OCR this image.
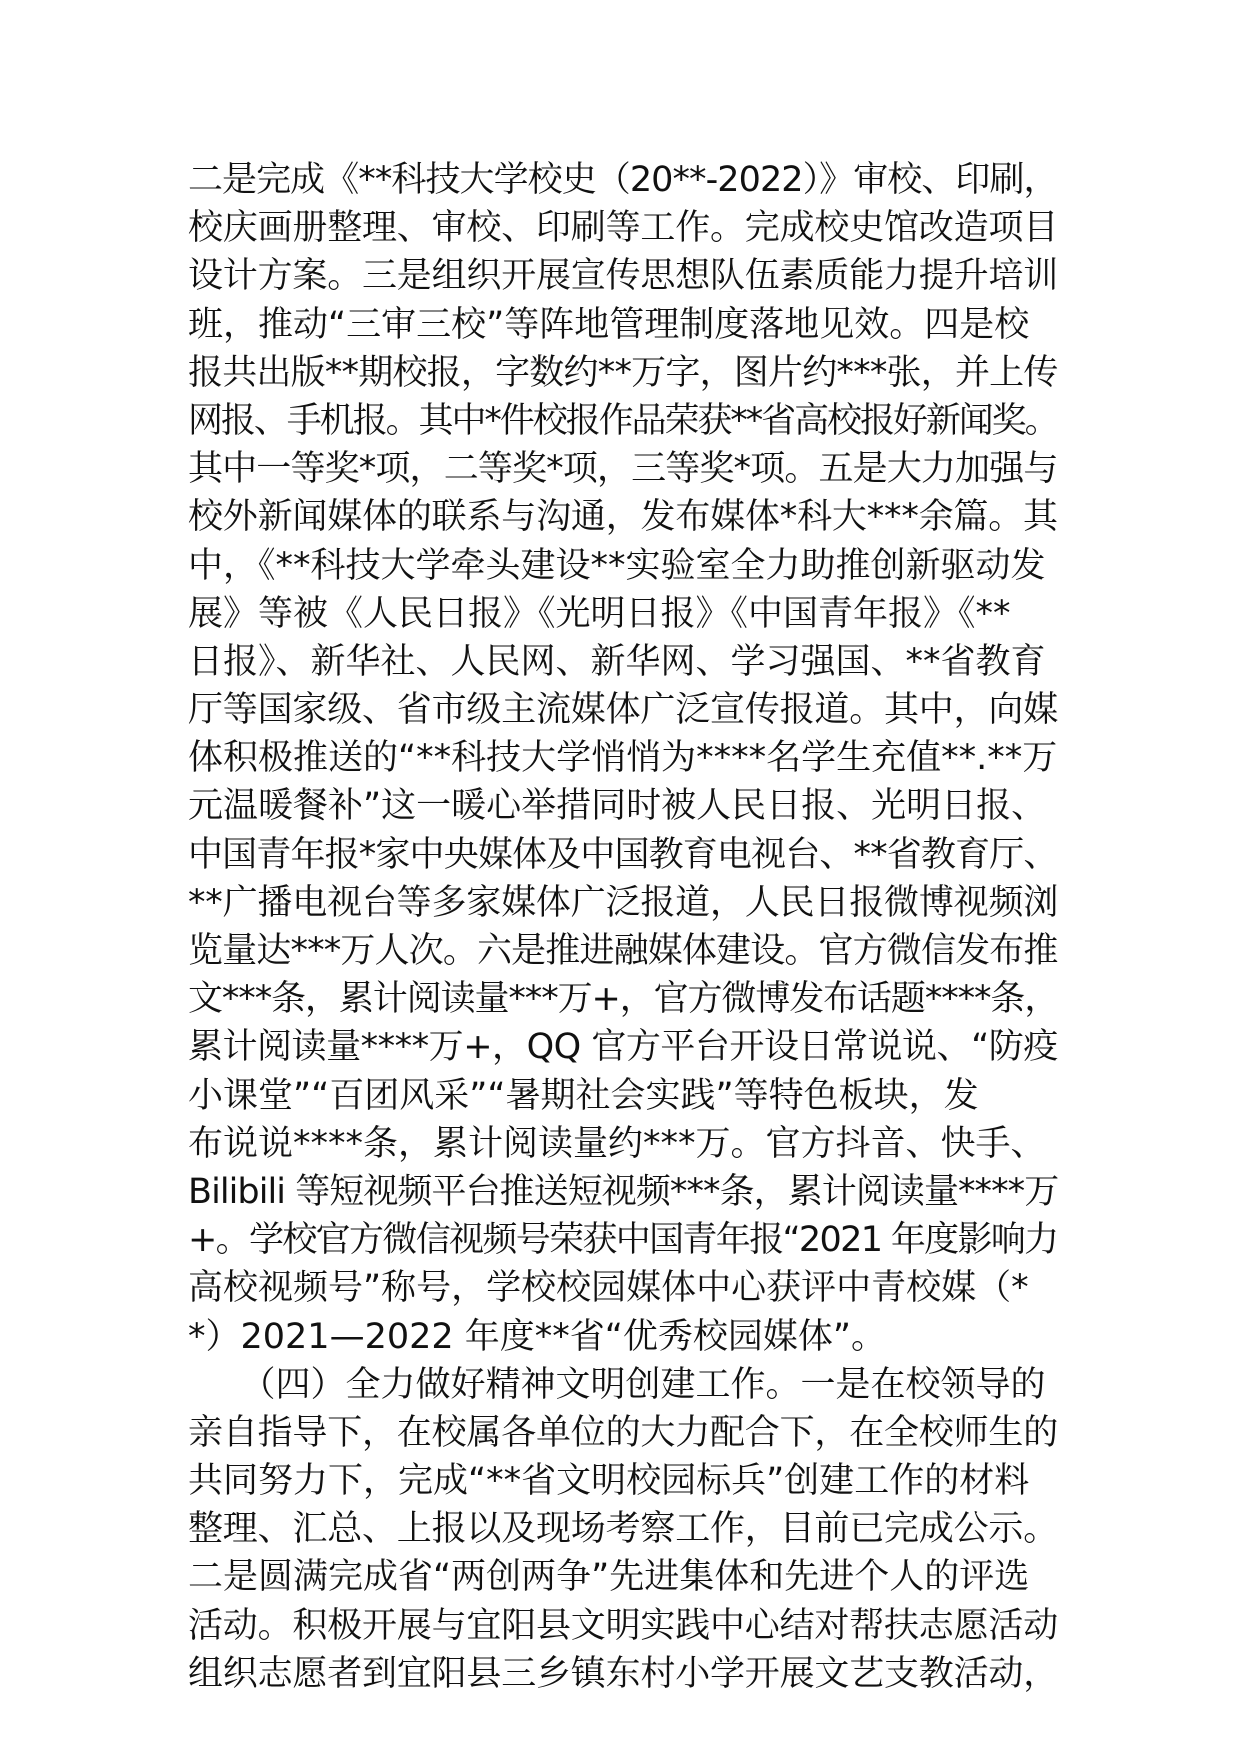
二是完成《**科技大学校史（20**-2022）》审校、印刷，
校庆画册整理、审校、印刷等工作。完成校史馆改造项目
设计方案。三是组织开展宣传思想队伍素质能力提升培训
班，推动“三审三校”等阵地管理制度落地见效。四是校
报共出版**期校报，字数约**万字，图片约***张，并上传
网报、手机报。其中*件校报作品荣获**省高校报好新闻奖。
其中一等奖*项，二等奖*项，三等奖*项。五是大力加强与
校外新闻媒体的联系与沟通，发布媒体*科大***余篇。其
中，《**科技大学牵头建设**实验室全力助推创新驱动发
展》等被《人民日报》《光明日报》《中国青年报》《**
日报》、新华社、人民网、新华网、学习强国、**省教育
厅等国家级、省市级主流媒体广泛宣传报道。其中，向媒
体积极推送的“**科技大学悄悄为****名学生充值**.**万
元温暖餐补”这一暖心举措同时被人民日报、光明日报、
中国青年报*家中央媒体及中国教育电视台、**省教育厅、
**广播电视台等多家媒体广泛报道，人民日报微博视频浏
览量达***万人次。六是推进融媒体建设。官方微信发布推
文***条，累计阅读量***万+，官方微博发布话题****条，
累计阅读量****万+，QQ 官方平台开设日常说说、“防疫
小课堂”“百团风采”“暑期社会实践”等特色板块，发
布说说****条，累计阅读量约***万。官方抖音、快手、
Bilibili 等短视频平台推送短视频***条，累计阅读量****万
+。学校官方微信视频号荣获中国青年报“2021 年度影响力
高校视频号”称号，学校校园媒体中心获评中青校媒（*
*）2021—2022 年度**省“优秀校园媒体”。
　　（四）全力做好精神文明创建工作。一是在校领导的
亲自指导下，在校属各单位的大力配合下，在全校师生的
共同努力下，完成“**省文明校园标兵”创建工作的材料
整理、汇总、上报以及现场考察工作，目前已完成公示。
二是圆满完成省“两创两争”先进集体和先进个人的评选
活动。积极开展与宜阳县文明实践中心结对帮扶志愿活动
组织志愿者到宜阳县三乡镇东村小学开展文艺支教活动，
